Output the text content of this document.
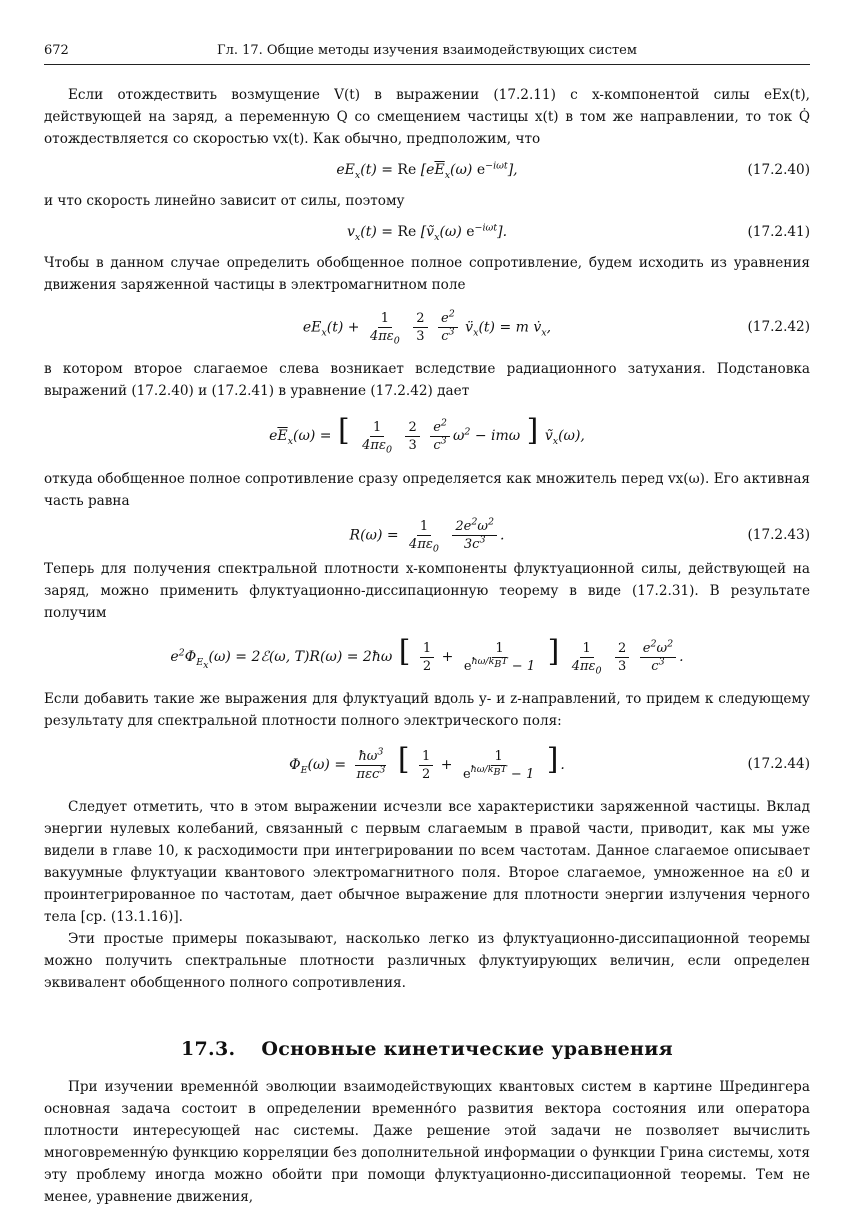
672	Гл. 17. Общие методы изучения взаимодействующих систем

Если отождествить возмущение V(t) в выражении (17.2.11) с x-компонентой силы eEx(t), действующей на заряд, а переменную Q со смещением частицы x(t) в том же направлении, то ток Q̇ отождествляется со скоростью vx(t). Как обычно, предположим, что

$eE_x(t) = Re$ [$e\overline{E}_x(\omega)$ $e^{-i\omega t}$],	(17.2.40)

и что скорость линейно зависит от силы, поэтому

$v_x(t) = Re$ [ṽ$_x$(ω) $e^{-i\omega t}$].	(17.2.41)

Чтобы в данном случае определить обобщенное полное сопротивление, будем исходить из уравнения движения заряженной частицы в электромагнитном поле

$eE_x(t) + \frac{1}{4\pi\varepsilon_0}$
$\frac{2}{3}$
$\frac{e^2}{c^3}$ $v̈_x(t) = m$ $v̇_x$,	(17.2.42)

в котором второе слагаемое слева возникает вследствие радиационного затухания. Подстановка выражений (17.2.40) и (17.2.41) в уравнение (17.2.42) дает

$e\overline{E}_x(\omega)$ = [ $\frac{1}{4\pi\varepsilon_0}$
$\frac{2}{3}$
$\frac{e^2}{c^3} \omega^2 - im\omega$ ] ṽ$_x$(ω),

откуда обобщенное полное сопротивление сразу определяется как множитель перед vx(ω). Его активная часть равна

$R(\omega) = \frac{1}{4\pi\varepsilon_0}$
$\frac{2e^2\omega^2}{3c^3}$ .	(17.2.43)

Теперь для получения спектральной плотности x-компоненты флуктуационной силы, действующей на заряд, можно применить флуктуационно-диссипационную теорему в виде (17.2.31). В результате получим

$e^2\Phi_{E_x}(\omega)$ = 2ℰ(ω, T)R(ω) = 2ħω [ $\frac{1}{2} + \frac{1}{e^{ħ\omega/k_BT} - 1}$ ] $\frac{1}{4\pi\varepsilon_0}$
$\frac{2}{3}$
$\frac{e^2\omega^2}{c^3}$ .

Если добавить такие же выражения для флуктуаций вдоль y- и z-направлений, то придем к следующему результату для спектральной плотности полного электрического поля:

$\Phi_E(\omega) = \frac{ħ\omega^3}{\pi\varepsilon c^3}$ [ $\frac{1}{2} + \frac{1}{e^{ħ\omega/k_BT} - 1}$ ] .	(17.2.44)

Следует отметить, что в этом выражении исчезли все характеристики заряженной частицы. Вклад энергии нулевых колебаний, связанный с первым слагаемым в правой части, приводит, как мы уже видели в главе 10, к расходимости при интегрировании по всем частотам. Данное слагаемое описывает вакуумные флуктуации квантового электромагнитного поля. Второе слагаемое, умноженное на ε0 и проинтегрированное по частотам, дает обычное выражение для плотности энергии излучения черного тела [ср. (13.1.16)].

Эти простые примеры показывают, насколько легко из флуктуационно-диссипационной теоремы можно получить спектральные плотности различных флуктуирующих величин, если определен эквивалент обобщенного полного сопротивления.

17.3. Основные кинетические уравнения

При изучении временно́й эволюции взаимодействующих квантовых систем в картине Шредингера основная задача состоит в определении временно́го развития вектора состояния или оператора плотности интересующей нас системы. Даже решение этой задачи не позволяет вычислить многовременну́ю функцию корреляции без дополнительной информации о функции Грина системы, хотя эту проблему иногда можно обойти при помощи флуктуационно-диссипационной теоремы. Тем не менее, уравнение движения,
